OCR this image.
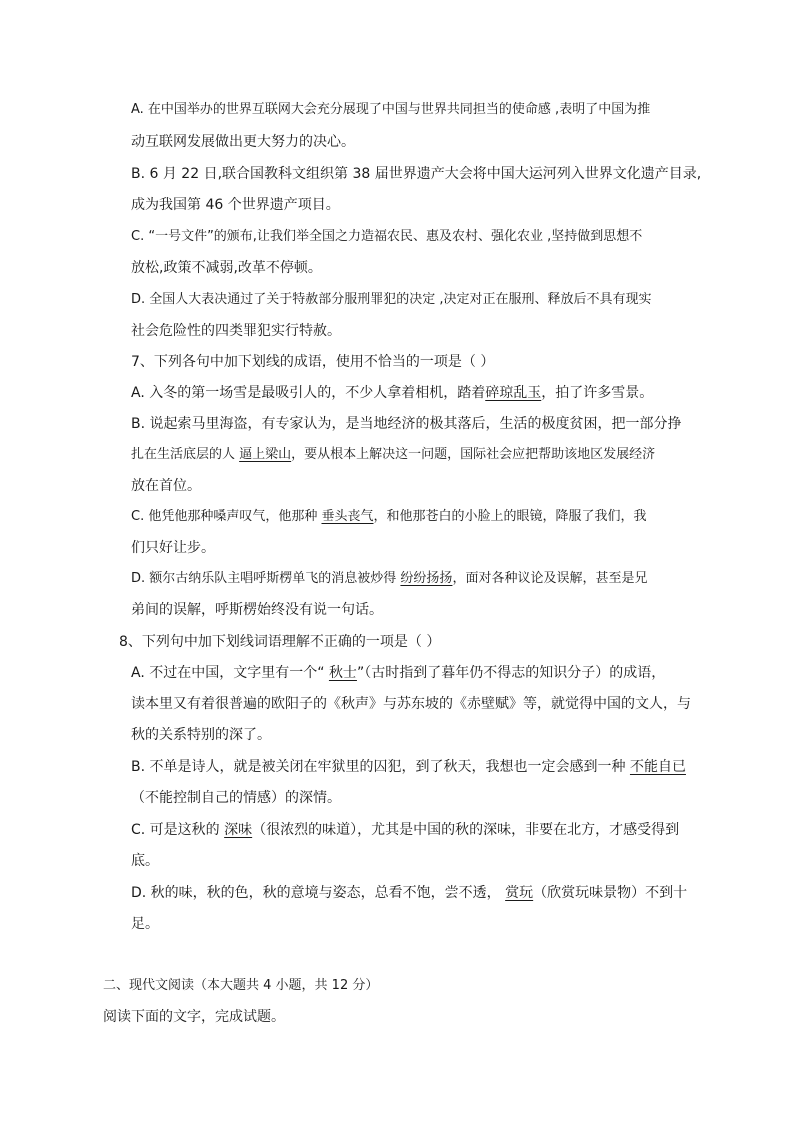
A. 在中国举办的世界互联网大会充分展现了中国与世界共同担当的使命感 ,表明了中国为推
动互联网发展做出更大努力的决心。
B. 6 月 22 日,联合国教科文组织第 38 届世界遗产大会将中国大运河列入世界文化遗产目录,
成为我国第 46 个世界遗产项目。
C. “一号文件”的颁布,让我们举全国之力造福农民、惠及农村、强化农业 ,坚持做到思想不
放松,政策不减弱,改革不停顿。
D. 全国人大表决通过了关于特赦部分服刑罪犯的决定 ,决定对正在服刑、释放后不具有现实
社会危险性的四类罪犯实行特赦。
7、下列各句中加下划线的成语，使用不恰当的一项是（ ）
A. 入冬的第一场雪是最吸引人的，不少人拿着相机，踏着碎琼乱玉，拍了许多雪景。
B. 说起索马里海盗，有专家认为，是当地经济的极其落后，生活的极度贫困，把一部分挣
扎在生活底层的人 逼上梁山，要从根本上解决这一问题，国际社会应把帮助该地区发展经济
放在首位。
C. 他凭他那种嗓声叹气，他那种 垂头丧气，和他那苍白的小脸上的眼镜，降服了我们，我
们只好让步。
D. 额尔古纳乐队主唱呼斯楞单飞的消息被炒得 纷纷扬扬，面对各种议论及误解，甚至是兄
弟间的误解，呼斯楞始终没有说一句话。
8、下列句中加下划线词语理解不正确的一项是（ ）
A. 不过在中国，文字里有一个“ 秋士”（古时指到了暮年仍不得志的知识分子）的成语，
读本里又有着很普遍的欧阳子的《秋声》与苏东坡的《赤壁赋》等，就觉得中国的文人，与
秋的关系特别的深了。
B. 不单是诗人，就是被关闭在牢狱里的囚犯，到了秋天，我想也一定会感到一种 不能自已
（不能控制自己的情感）的深情。
C. 可是这秋的 深味（很浓烈的味道），尤其是中国的秋的深味，非要在北方，才感受得到
底。
D. 秋的味，秋的色，秋的意境与姿态，总看不饱，尝不透， 赏玩（欣赏玩味景物）不到十
足。
二、现代文阅读（本大题共 4 小题，共 12 分）
阅读下面的文字，完成试题。
